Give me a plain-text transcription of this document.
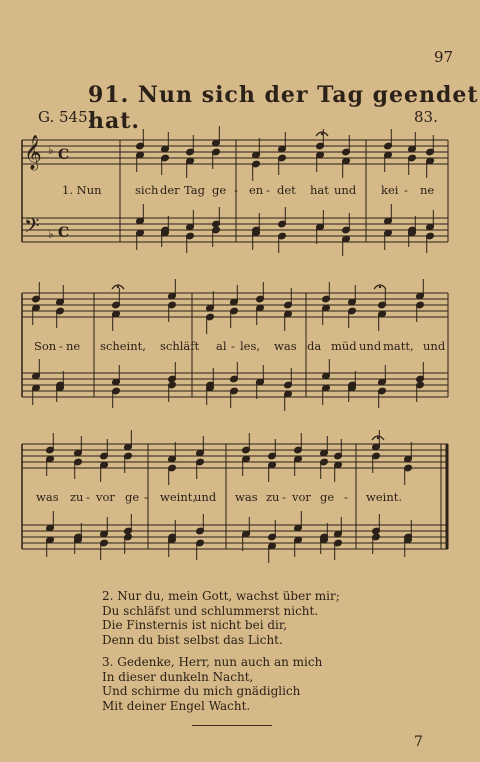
97
91. Nun sich der Tag geendet hat.
G. 545.	83.
𝄞
𝄢
♭
♭
C
C
1. Nun	sich der Tag ge - en - det hat und kei - ne
Son - ne scheint, schläft al - les, was da müd und matt, und
was zu - vor ge - weint,
und was zu - vor ge - weint.
2. Nur du, mein Gott, wachst über mir;
Du schläfst und schlummerst nicht.
Die Finsternis ist nicht bei dir,
Denn du bist selbst das Licht.
3. Gedenke, Herr, nun auch an mich
In dieser dunkeln Nacht,
Und schirme du mich gnädiglich
Mit deiner Engel Wacht.
7
